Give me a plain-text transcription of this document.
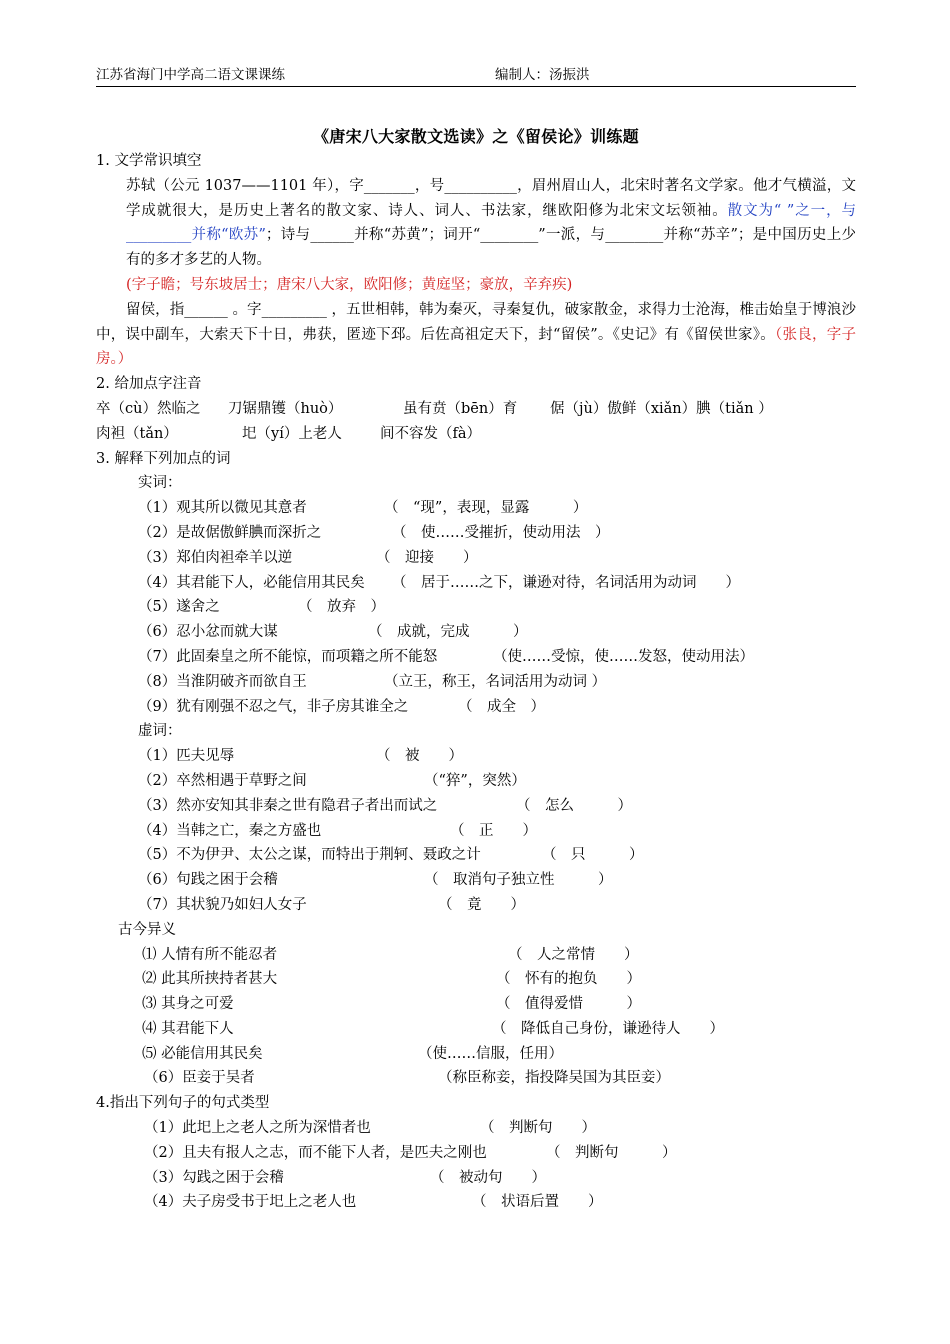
江苏省海门中学高二语文课课练	编制人：汤振洪
《唐宋八大家散文选读》之《留侯论》训练题
1. 文学常识填空
苏轼（公元 1037——1101 年），字_______，号__________，眉州眉山人，北宋时著名文学家。他才气横溢，文学成就很大，是历史上著名的散文家、诗人、词人、书法家，继欧阳修为北宋文坛领袖。散文为“ ”之一，与_________并称“欧苏”；诗与______并称“苏黄”；词开“________”一派，与________并称“苏辛”；是中国历史上少有的多才多艺的人物。
(字子瞻；号东坡居士；唐宋八大家，欧阳修；黄庭坚；豪放，辛弃疾)
留侯，指______ 。字_________ ，五世相韩，韩为秦灭，寻秦复仇，破家散金，求得力士沧海，椎击始皇于博浪沙中，误中副车，大索天下十日，弗获，匿迹下邳。后佐高祖定天下，封“留侯”。《史记》有《留侯世家》。（张良，字子房。）
2. 给加点字注音
卒（cù）然临之 刀锯鼎镬（huò）	虽有贲（bēn）育 倨（jù）傲鲜（xiǎn）腆（tiǎn ）
肉袒（tǎn）	圯（yí）上老人	间不容发（fà）
3. 解释下列加点的词
实词：
（1）观其所以微见其意者	（　“现”，表现，显露　　　）
（2）是故倨傲鲜腆而深折之	（　使……受摧折，使动用法　）
（3）郑伯肉袒牵羊以逆	（　迎接　　）
（4）其君能下人，必能信用其民矣 （　居于……之下，谦逊对待，名词活用为动词　　）
（5）遂舍之	（　放弃　）
（6）忍小忿而就大谋	（　成就，完成　　　）
（7）此固秦皇之所不能惊，而项籍之所不能怒	（使……受惊，使……发怒，使动用法）
（8）当淮阴破齐而欲自王	（立王，称王，名词活用为动词 ）
（9）犹有刚强不忍之气，非子房其谁全之	（　成全　）
虚词：
（1）匹夫见辱	（　被　　）
（2）卒然相遇于草野之间	（“猝”，突然）
（3）然亦安知其非秦之世有隐君子者出而试之	（　怎么　　　）
（4）当韩之亡，秦之方盛也	（　正　　）
（5）不为伊尹、太公之谋，而特出于荆轲、聂政之计	（　只　　　）
（6）句践之困于会稽	（　取消句子独立性　　　）
（7）其状貌乃如妇人女子	（　竟　　）
古今异义
⑴ 人情有所不能忍者	（　人之常情　　）
⑵ 此其所挟持者甚大	（　怀有的抱负　　）
⑶ 其身之可爱	（　值得爱惜　　　）
⑷ 其君能下人	（　降低自己身份，谦逊待人　　）
⑸ 必能信用其民矣	（使……信服，任用）
（6）臣妾于吴者	（称臣称妾，指投降吴国为其臣妾）
4.指出下列句子的句式类型
（1）此圯上之老人之所为深惜者也	（　判断句　　）
（2）且夫有报人之志，而不能下人者，是匹夫之刚也	（　判断句　　　）
（3）勾践之困于会稽	（　被动句　　）
（4）夫子房受书于圯上之老人也	（　状语后置　　）
